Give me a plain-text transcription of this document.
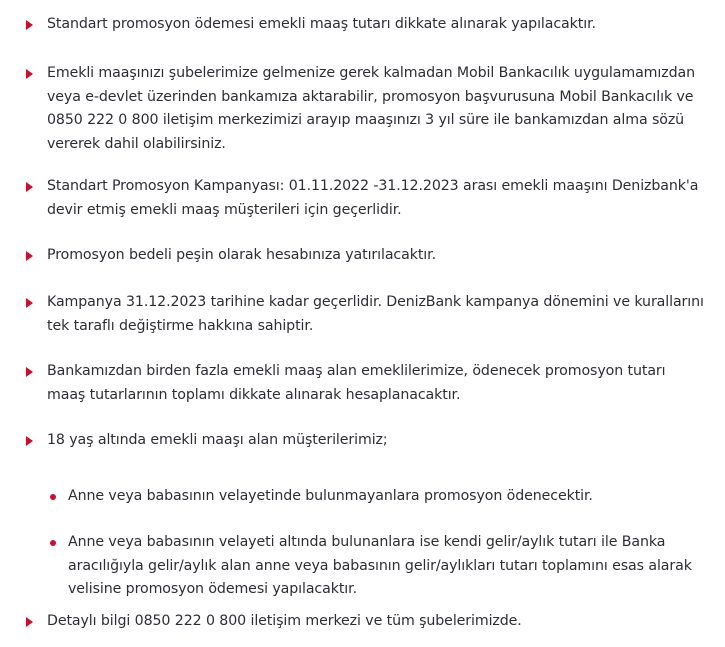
Standart promosyon ödemesi emekli maaş tutarı dikkate alınarak yapılacaktır.

Emekli maaşınızı şubelerimize gelmenize gerek kalmadan Mobil Bankacılık uygulamamızdan veya e-devlet üzerinden bankamıza aktarabilir, promosyon başvurusuna Mobil Bankacılık ve 0850 222 0 800 iletişim merkezimizi arayıp maaşınızı 3 yıl süre ile bankamızdan alma sözü vererek dahil olabilirsiniz.

Standart Promosyon Kampanyası: 01.11.2022 -31.12.2023 arası emekli maaşını Denizbank'a devir etmiş emekli maaş müşterileri için geçerlidir.

Promosyon bedeli peşin olarak hesabınıza yatırılacaktır.

Kampanya 31.12.2023 tarihine kadar geçerlidir. DenizBank kampanya dönemini ve kurallarını tek taraflı değiştirme hakkına sahiptir.

Bankamızdan birden fazla emekli maaş alan emeklilerimize, ödenecek promosyon tutarı maaş tutarlarının toplamı dikkate alınarak hesaplanacaktır.

18 yaş altında emekli maaşı alan müşterilerimiz;

Anne veya babasının velayetinde bulunmayanlara promosyon ödenecektir.

Anne veya babasının velayeti altında bulunanlara ise kendi gelir/aylık tutarı ile Banka aracılığıyla gelir/aylık alan anne veya babasının gelir/aylıkları tutarı toplamını esas alarak velisine promosyon ödemesi yapılacaktır.

Detaylı bilgi 0850 222 0 800 iletişim merkezi ve tüm şubelerimizde.
